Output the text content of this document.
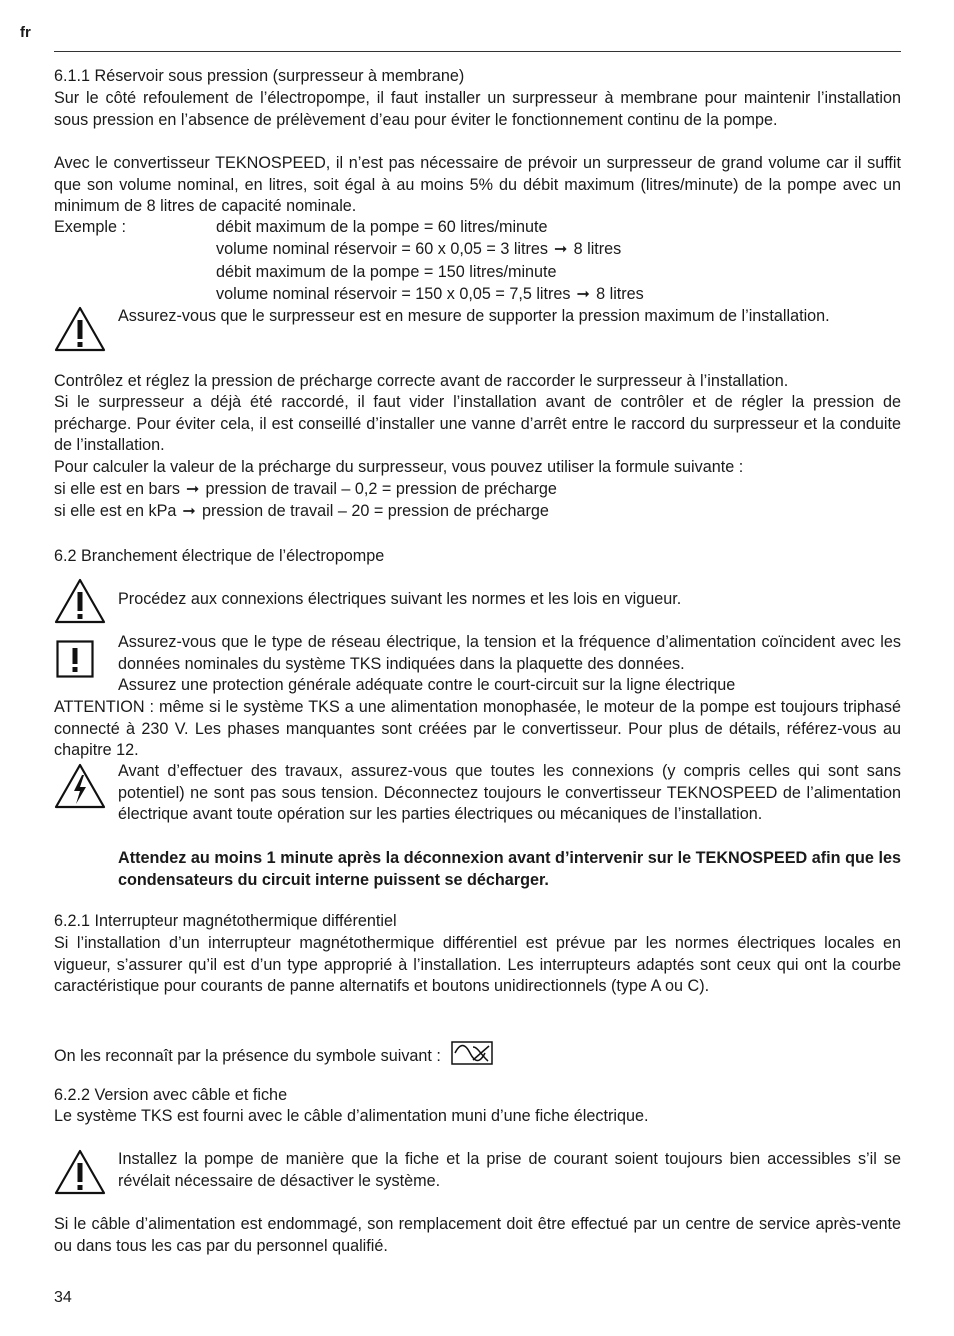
fr
6.1.1 Réservoir sous pression (surpresseur à membrane)
Sur le côté refoulement de l’électropompe, il faut installer un surpresseur à membrane pour maintenir l’installation sous pression en l’absence de prélèvement d’eau pour éviter le fonctionnement continu de la pompe.
Avec le convertisseur TEKNOSPEED, il n’est pas nécessaire de prévoir un surpresseur de grand volume car il suffit que son volume nominal, en litres, soit égal à au moins 5% du débit maximum (litres/minute) de la pompe avec un minimum de 8 litres de capacité nominale.
Exemple :	débit maximum de la pompe = 60 litres/minute
volume nominal réservoir = 60 x 0,05 = 3 litres ➞ 8 litres
débit maximum de la pompe = 150 litres/minute
volume nominal réservoir = 150 x 0,05 = 7,5 litres ➞ 8 litres
Assurez-vous que le surpresseur est en mesure de supporter la pression maximum de l’installation.
Contrôlez et réglez la pression de précharge correcte avant de raccorder le surpresseur à l’installation.
Si le surpresseur a déjà été raccordé, il faut vider l’installation avant de contrôler et de régler la pression de précharge. Pour éviter cela, il est conseillé d’installer une vanne d’arrêt entre le raccord du surpresseur et la conduite de l’installation.
Pour calculer la valeur de la précharge du surpresseur, vous pouvez utiliser la formule suivante :
si elle est en bars ➞ pression de travail – 0,2 = pression de précharge
si elle est en kPa ➞ pression de travail – 20 = pression de précharge
6.2 Branchement électrique de l’électropompe
Procédez aux connexions électriques suivant les normes et les lois en vigueur.
Assurez-vous que le type de réseau électrique, la tension et la fréquence d’alimentation coïncident avec les données nominales du système TKS indiquées dans la plaquette des données.
Assurez une protection générale adéquate contre le court-circuit sur la ligne électrique
ATTENTION : même si le système TKS a une alimentation monophasée, le moteur de la pompe est toujours triphasé connecté à 230 V. Les phases manquantes sont créées par le convertisseur. Pour plus de détails, référez-vous au chapitre 12.
Avant d’effectuer des travaux, assurez-vous que toutes les connexions (y compris celles qui sont sans potentiel) ne sont pas sous tension. Déconnectez toujours le convertisseur TEKNOSPEED de l’alimentation électrique avant toute opération sur les parties électriques ou mécaniques de l’installation.
Attendez au moins 1 minute après la déconnexion avant d’intervenir sur le TEKNOSPEED afin que les condensateurs du circuit interne puissent se décharger.
6.2.1 Interrupteur magnétothermique différentiel
Si l’installation d’un interrupteur magnétothermique différentiel est prévue par les normes électriques locales en vigueur, s’assurer qu’il est d’un type approprié à l’installation. Les interrupteurs adaptés sont ceux qui ont la courbe caractéristique pour courants de panne alternatifs et boutons unidirectionnels (type A ou C).
On les reconnaît par la présence du symbole suivant :
6.2.2 Version avec câble et fiche
Le système TKS est fourni avec le câble d’alimentation muni d’une fiche électrique.
Installez la pompe de manière que la fiche et la prise de courant soient toujours bien accessibles s’il se révélait nécessaire de désactiver le système.
Si le câble d’alimentation est endommagé, son remplacement doit être effectué par un centre de service après-vente ou dans tous les cas par du personnel qualifié.
34
